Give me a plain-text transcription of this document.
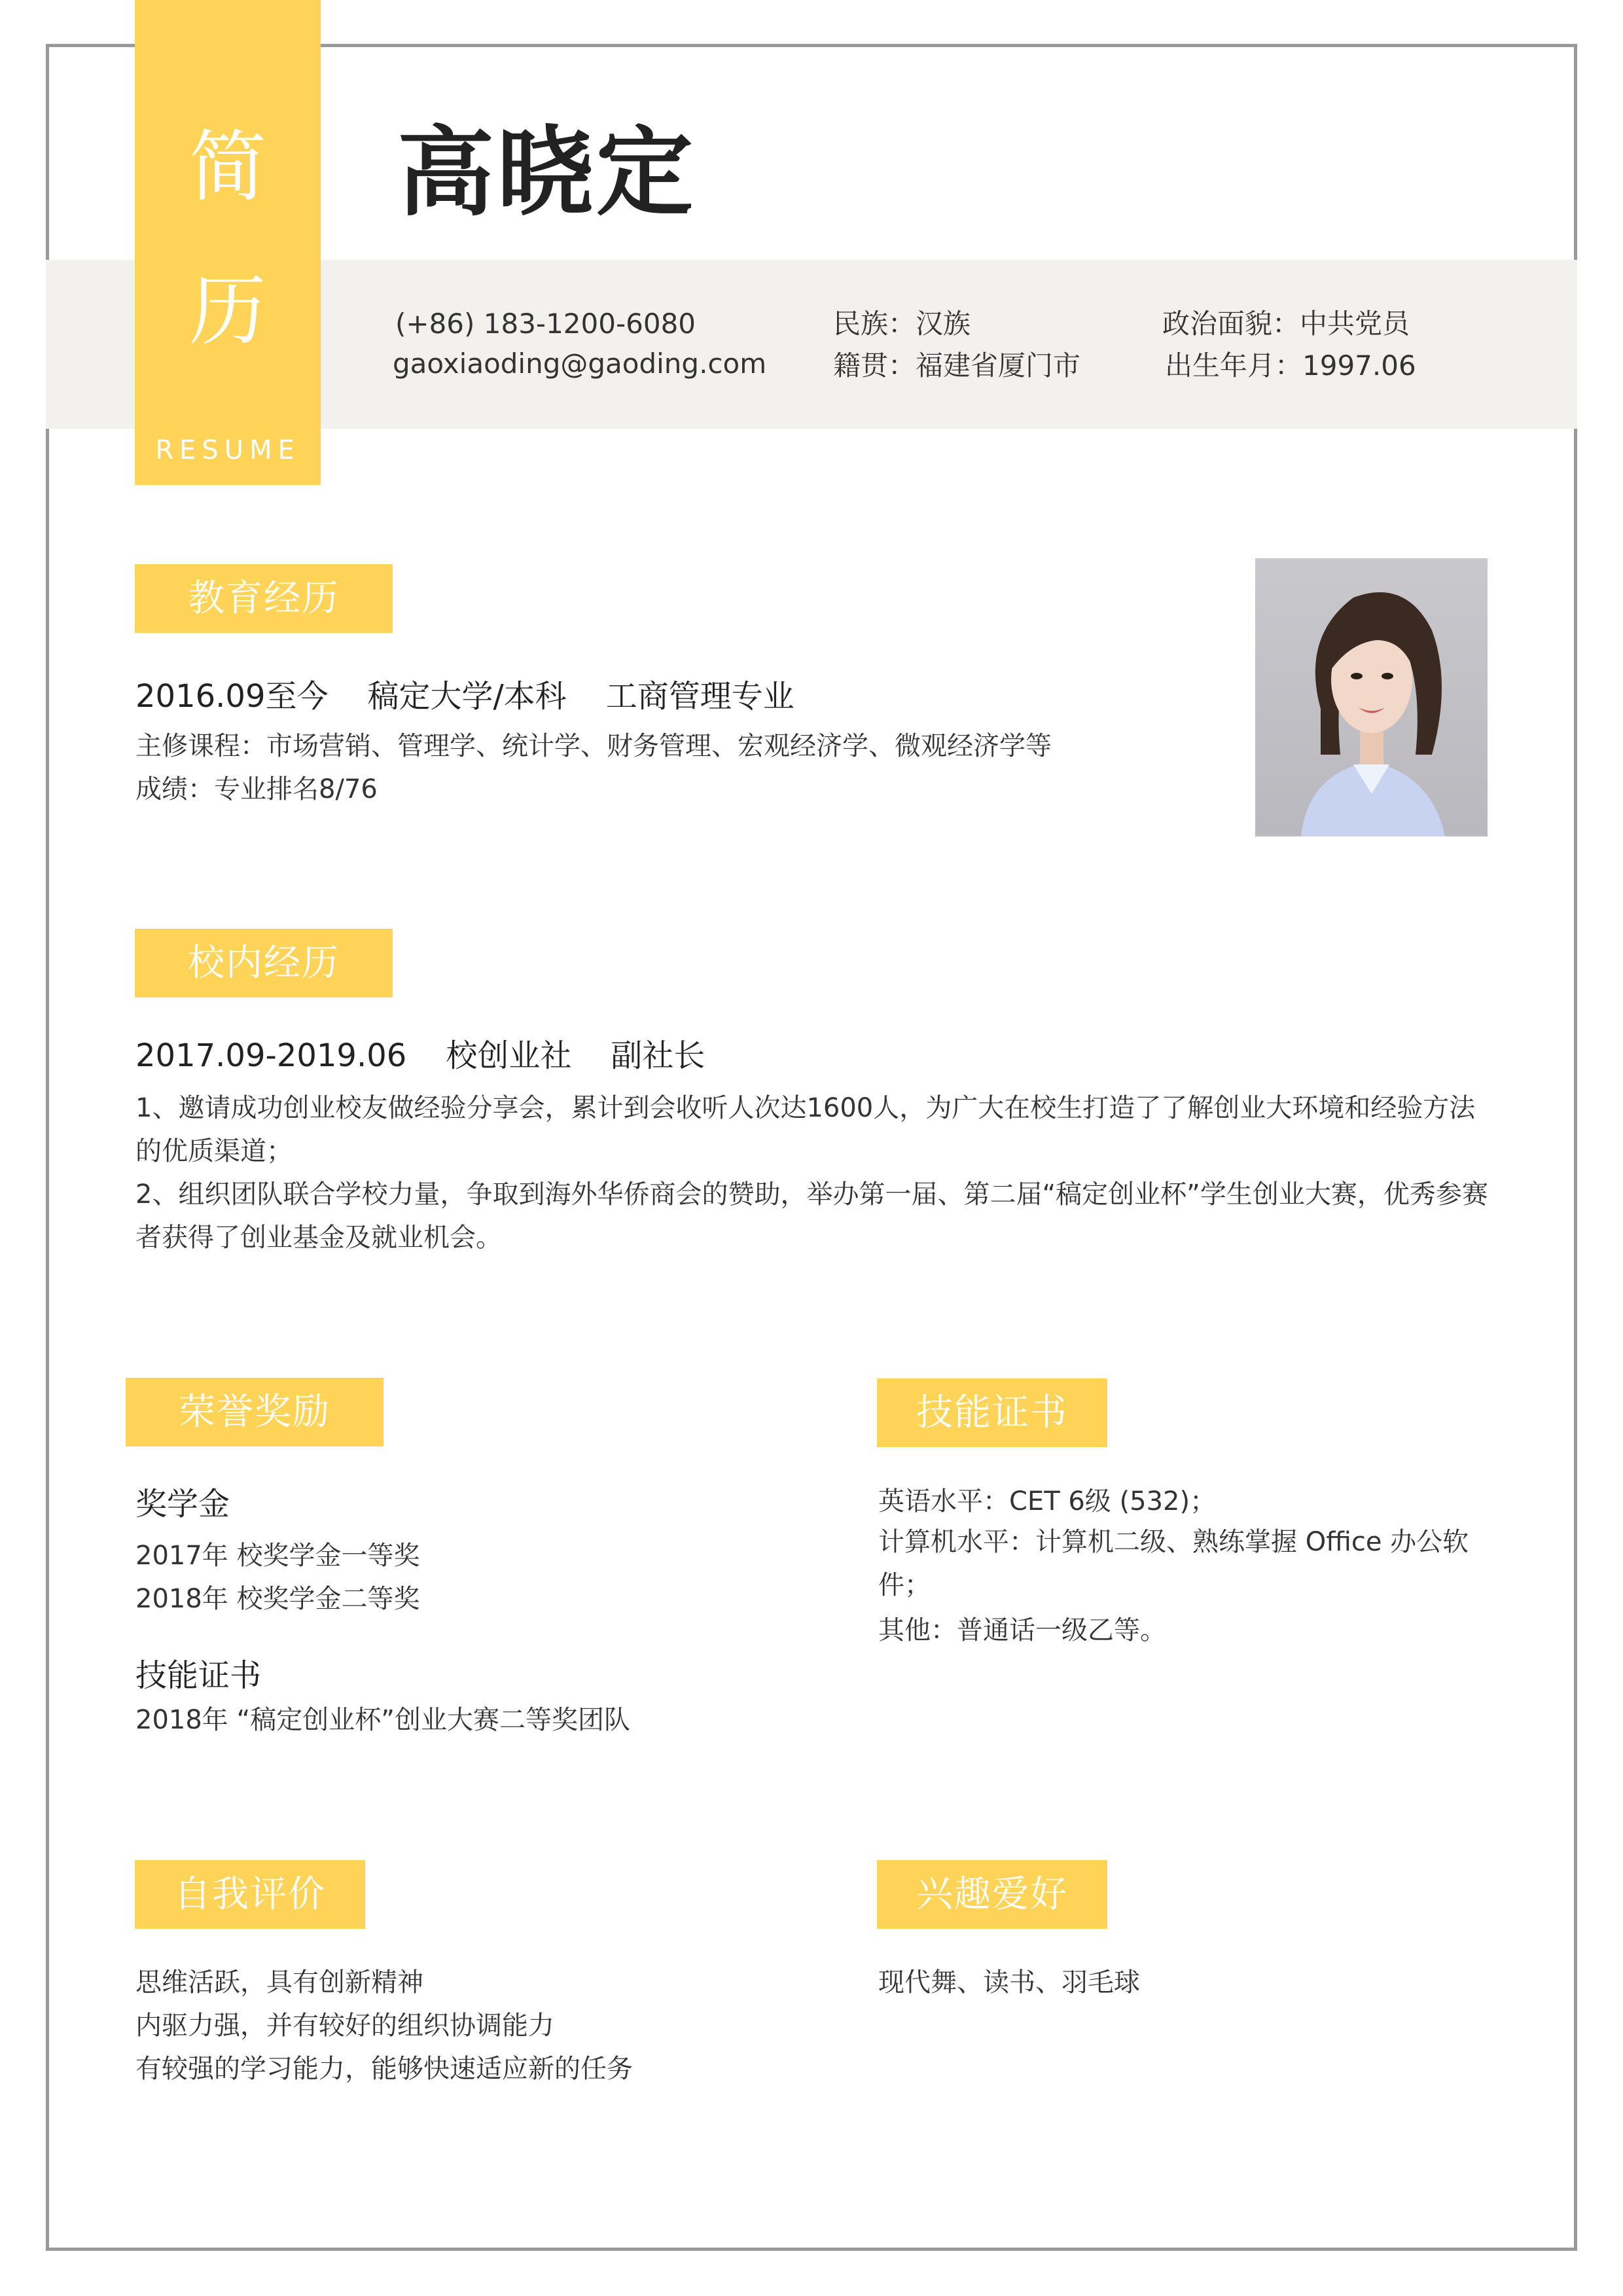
简
历
RESUME
高晓定
(+86) 183-1200-6080
gaoxiaoding@gaoding.com
民族：汉族
籍贯：福建省厦门市
政治面貌：中共党员
出生年月：1997.06
教育经历
2016.09至今 稿定大学/本科 工商管理专业
主修课程：市场营销、管理学、统计学、财务管理、宏观经济学、微观经济学等
成绩：专业排名8/76
校内经历
2017.09-2019.06 校创业社 副社长
1、邀请成功创业校友做经验分享会，累计到会收听人次达1600人，为广大在校生打造了了解创业大环境和经验方法的优质渠道；
2、组织团队联合学校力量，争取到海外华侨商会的赞助，举办第一届、第二届“稿定创业杯”学生创业大赛，优秀参赛者获得了创业基金及就业机会。
荣誉奖励
奖学金
2017年 校奖学金一等奖
2018年 校奖学金二等奖
技能证书
2018年 “稿定创业杯”创业大赛二等奖团队
技能证书
英语水平：CET 6级 (532)；
计算机水平：计算机二级、熟练掌握 Office 办公软件；
其他：普通话一级乙等。
自我评价
思维活跃，具有创新精神
内驱力强，并有较好的组织协调能力
有较强的学习能力，能够快速适应新的任务
兴趣爱好
现代舞、读书、羽毛球
